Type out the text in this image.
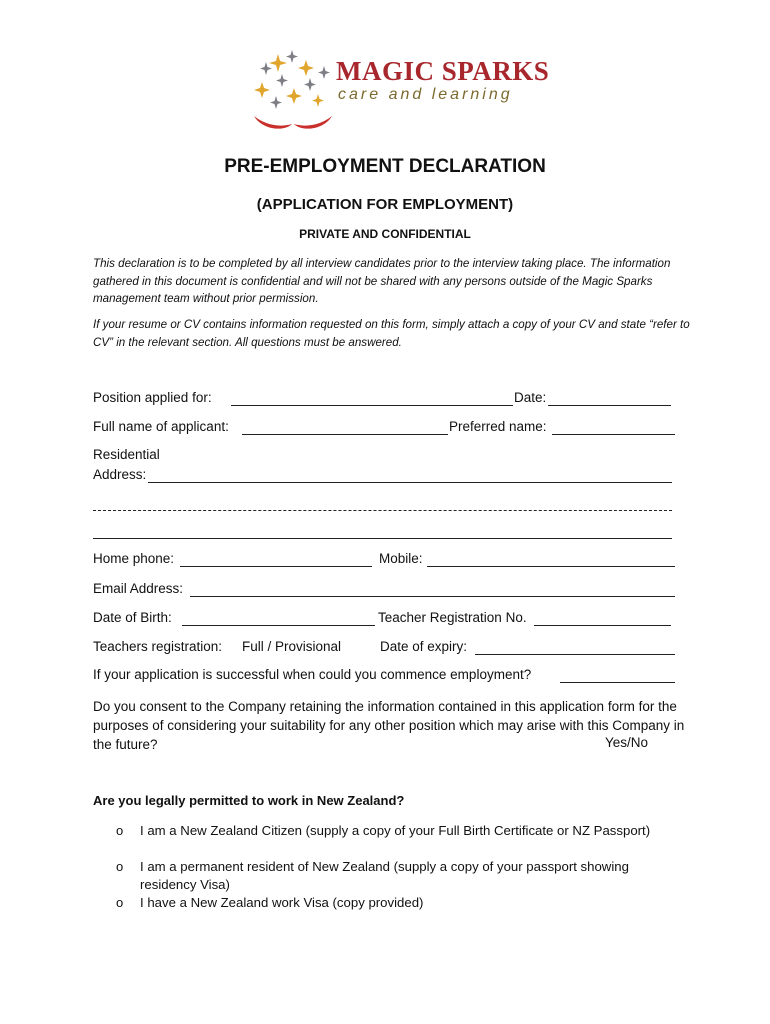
MAGIC SPARKS
care and learning
PRE-EMPLOYMENT DECLARATION
(APPLICATION FOR EMPLOYMENT)
PRIVATE AND CONFIDENTIAL
This declaration is to be completed by all interview candidates prior to the interview taking place. The information gathered in this document is confidential and will not be shared with any persons outside of the Magic Sparks management team without prior permission.
If your resume or CV contains information requested on this form, simply attach a copy of your CV and state “refer to CV” in the relevant section. All questions must be answered.
Position applied for:	Date:
Full name of applicant:	Preferred name:
Residential
Address:
Home phone:	Mobile:
Email Address:
Date of Birth:	Teacher Registration No.
Teachers registration: Full / Provisional	Date of expiry:
If your application is successful when could you commence employment?
Do you consent to the Company retaining the information contained in this application form for the purposes of considering your suitability for any other position which may arise with this Company in the future?	Yes/No
Are you legally permitted to work in New Zealand?
o I am a New Zealand Citizen (supply a copy of your Full Birth Certificate or NZ Passport)
o I am a permanent resident of New Zealand (supply a copy of your passport showing residency Visa)
o I have a New Zealand work Visa (copy provided)
